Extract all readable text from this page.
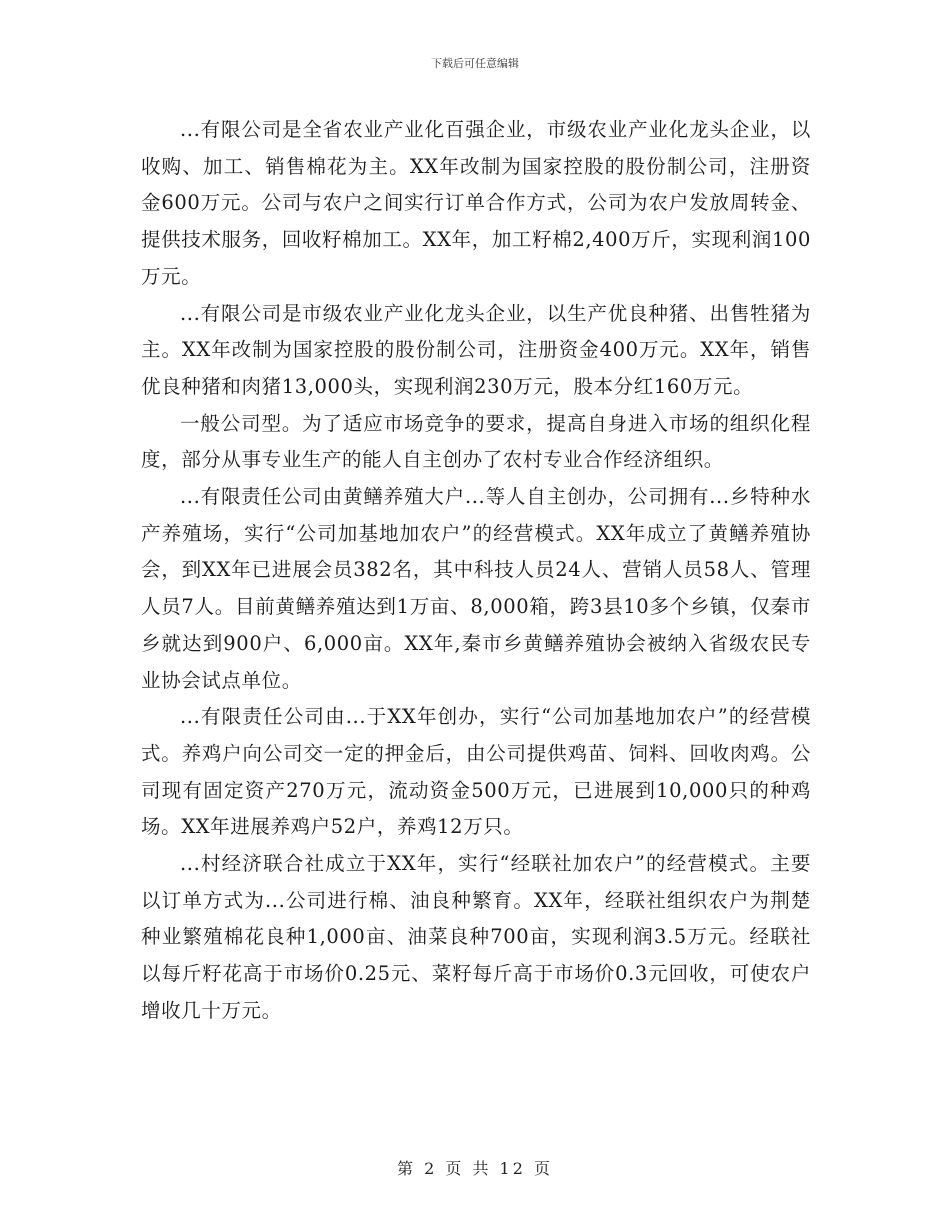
下载后可任意编辑

...有限公司是全省农业产业化百强企业，市级农业产业化龙头企业，以收购、加工、销售棉花为主。XX年改制为国家控股的股份制公司，注册资金600万元。公司与农户之间实行订单合作方式，公司为农户发放周转金、提供技术服务，回收籽棉加工。XX年，加工籽棉2,400万斤，实现利润100万元。

...有限公司是市级农业产业化龙头企业，以生产优良种猪、出售牲猪为主。XX年改制为国家控股的股份制公司，注册资金400万元。XX年，销售优良种猪和肉猪13,000头，实现利润230万元，股本分红160万元。

一般公司型。为了适应市场竞争的要求，提高自身进入市场的组织化程度，部分从事专业生产的能人自主创办了农村专业合作经济组织。

...有限责任公司由黄鳝养殖大户...等人自主创办，公司拥有...乡特种水产养殖场，实行“公司加基地加农户”的经营模式。XX年成立了黄鳝养殖协会，到XX年已进展会员382名，其中科技人员24人、营销人员58人、管理人员7人。目前黄鳝养殖达到1万亩、8,000箱，跨3县10多个乡镇，仅秦市乡就达到900户、6,000亩。XX年,秦市乡黄鳝养殖协会被纳入省级农民专业协会试点单位。

...有限责任公司由...于XX年创办，实行“公司加基地加农户”的经营模式。养鸡户向公司交一定的押金后，由公司提供鸡苗、饲料、回收肉鸡。公司现有固定资产270万元，流动资金500万元，已进展到10,000只的种鸡场。XX年进展养鸡户52户，养鸡12万只。

...村经济联合社成立于XX年，实行“经联社加农户”的经营模式。主要以订单方式为...公司进行棉、油良种繁育。XX年，经联社组织农户为荆楚种业繁殖棉花良种1,000亩、油菜良种700亩，实现利润3.5万元。经联社以每斤籽花高于市场价0.25元、菜籽每斤高于市场价0.3元回收，可使农户增收几十万元。

第 2 页 共 12 页
